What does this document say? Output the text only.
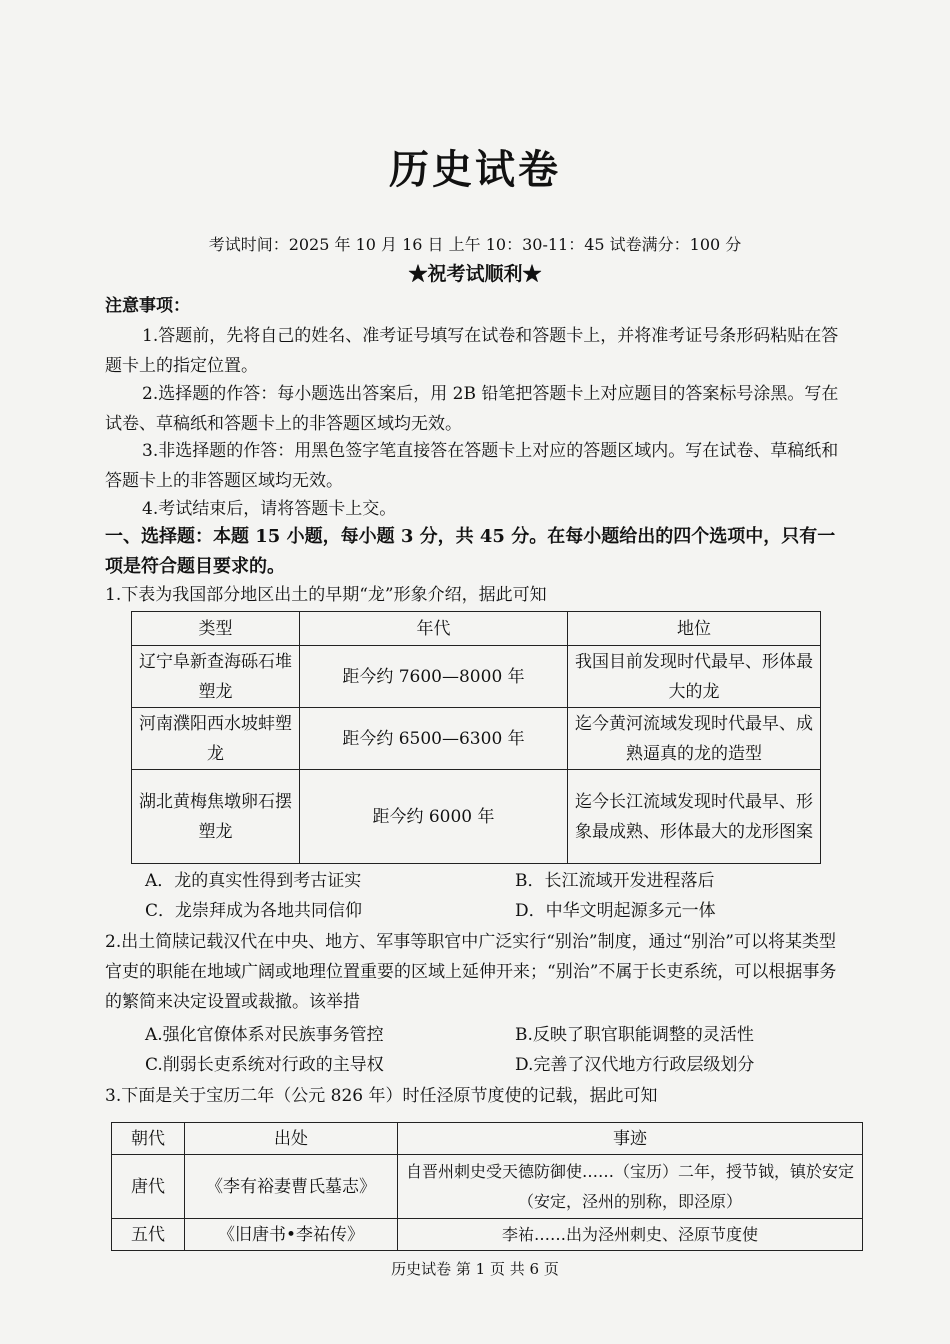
历史试卷
考试时间：2025 年 10 月 16 日 上午 10：30-11：45 试卷满分：100 分
★祝考试顺利★
注意事项：
1.答题前，先将自己的姓名、准考证号填写在试卷和答题卡上，并将准考证号条形码粘贴在答题卡上的指定位置。
2.选择题的作答：每小题选出答案后，用 2B 铅笔把答题卡上对应题目的答案标号涂黑。写在试卷、草稿纸和答题卡上的非答题区域均无效。
3.非选择题的作答：用黑色签字笔直接答在答题卡上对应的答题区域内。写在试卷、草稿纸和答题卡上的非答题区域均无效。
4.考试结束后，请将答题卡上交。
一、选择题：本题 15 小题，每小题 3 分，共 45 分。在每小题给出的四个选项中，只有一项是符合题目要求的。
1.下表为我国部分地区出土的早期“龙”形象介绍，据此可知
类型	年代	地位
辽宁阜新查海砾石堆塑龙	距今约 7600—8000 年	我国目前发现时代最早、形体最大的龙
河南濮阳西水坡蚌塑龙	距今约 6500—6300 年	迄今黄河流域发现时代最早、成熟逼真的龙的造型
湖北黄梅焦墩卵石摆塑龙	距今约 6000 年	迄今长江流域发现时代最早、形象最成熟、形体最大的龙形图案
A．龙的真实性得到考古证实	B．长江流域开发进程落后
C．龙崇拜成为各地共同信仰	D．中华文明起源多元一体
2.出土简牍记载汉代在中央、地方、军事等职官中广泛实行“别治”制度，通过“别治”可以将某类型官吏的职能在地域广阔或地理位置重要的区域上延伸开来；“别治”不属于长吏系统，可以根据事务的繁简来决定设置或裁撤。该举措
A.强化官僚体系对民族事务管控	B.反映了职官职能调整的灵活性
C.削弱长吏系统对行政的主导权	D.完善了汉代地方行政层级划分
3.下面是关于宝历二年（公元 826 年）时任泾原节度使的记载，据此可知
朝代	出处	事迹
唐代	《李有裕妻曹氏墓志》	自晋州刺史受天德防御使……（宝历）二年，授节钺，镇於安定（安定，泾州的别称，即泾原）
五代	《旧唐书•李祐传》	李祐……出为泾州刺史、泾原节度使
历史试卷 第 1 页 共 6 页
